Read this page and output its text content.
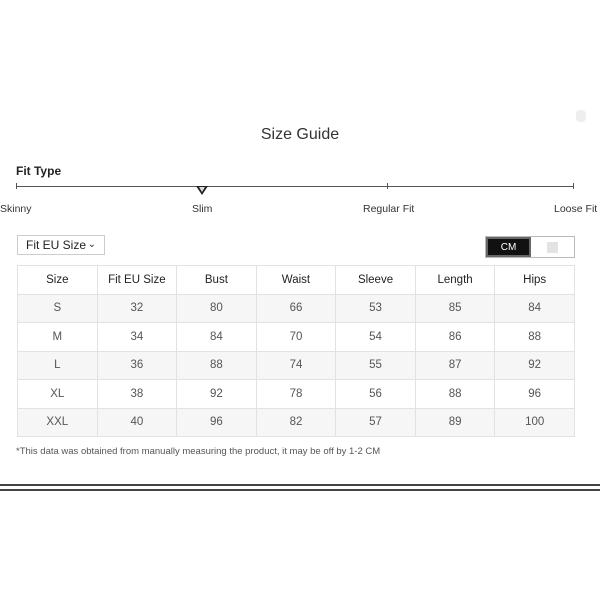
Size Guide
Fit Type
Skinny	Slim	Regular Fit	Loose Fit
Fit EU Size ⌄	CM
Size	Fit EU Size	Bust	Waist	Sleeve	Length	Hips
S	32	80	66	53	85	84
M	34	84	70	54	86	88
L	36	88	74	55	87	92
XL	38	92	78	56	88	96
XXL	40	96	82	57	89	100
*This data was obtained from manually measuring the product, it may be off by 1-2 CM
